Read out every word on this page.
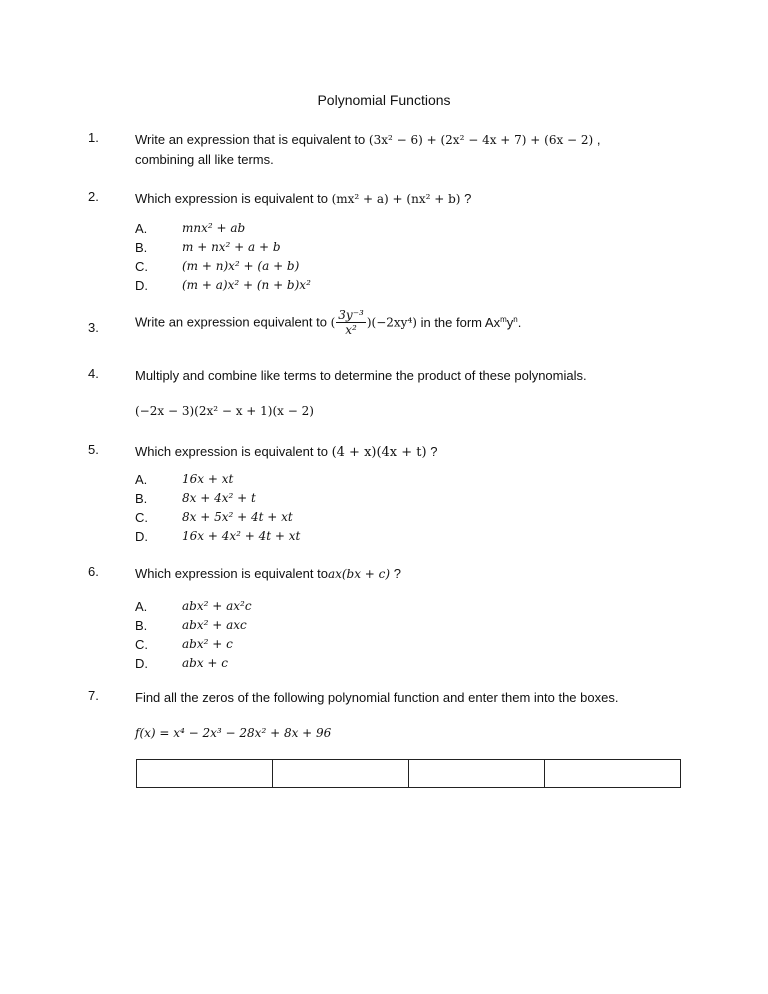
Polynomial Functions
1.	Write an expression that is equivalent to (3x² − 6) + (2x² − 4x + 7) + (6x − 2) , combining all like terms.
2.	Which expression is equivalent to (mx² + a) + (nx² + b) ?
A.	mnx² + ab
B.	m + nx² + a + b
C.	(m + n)x² + (a + b)
D.	(m + a)x² + (n + b)x²
3.	Write an expression equivalent to ( $\frac{\text{3y⁻³}}{\text{x²}} )(-2xy^4)$ in the form $Ax^my^n$.
4.	Multiply and combine like terms to determine the product of these polynomials.
(−2x − 3)(2x² − x + 1)(x − 2)
5.	Which expression is equivalent to (4 + x)(4x + t) ?
A.	16x + xt
B.	8x + 4x² + t
C.	8x + 5x² + 4t + xt
D.	16x + 4x² + 4t + xt
6.	Which expression is equivalent toax(bx + c) ?
A.	abx² + ax²c
B.	abx² + axc
C.	abx² + c
D.	abx + c
7.	Find all the zeros of the following polynomial function and enter them into the boxes.
f(x) = x⁴ − 2x³ − 28x² + 8x + 96
